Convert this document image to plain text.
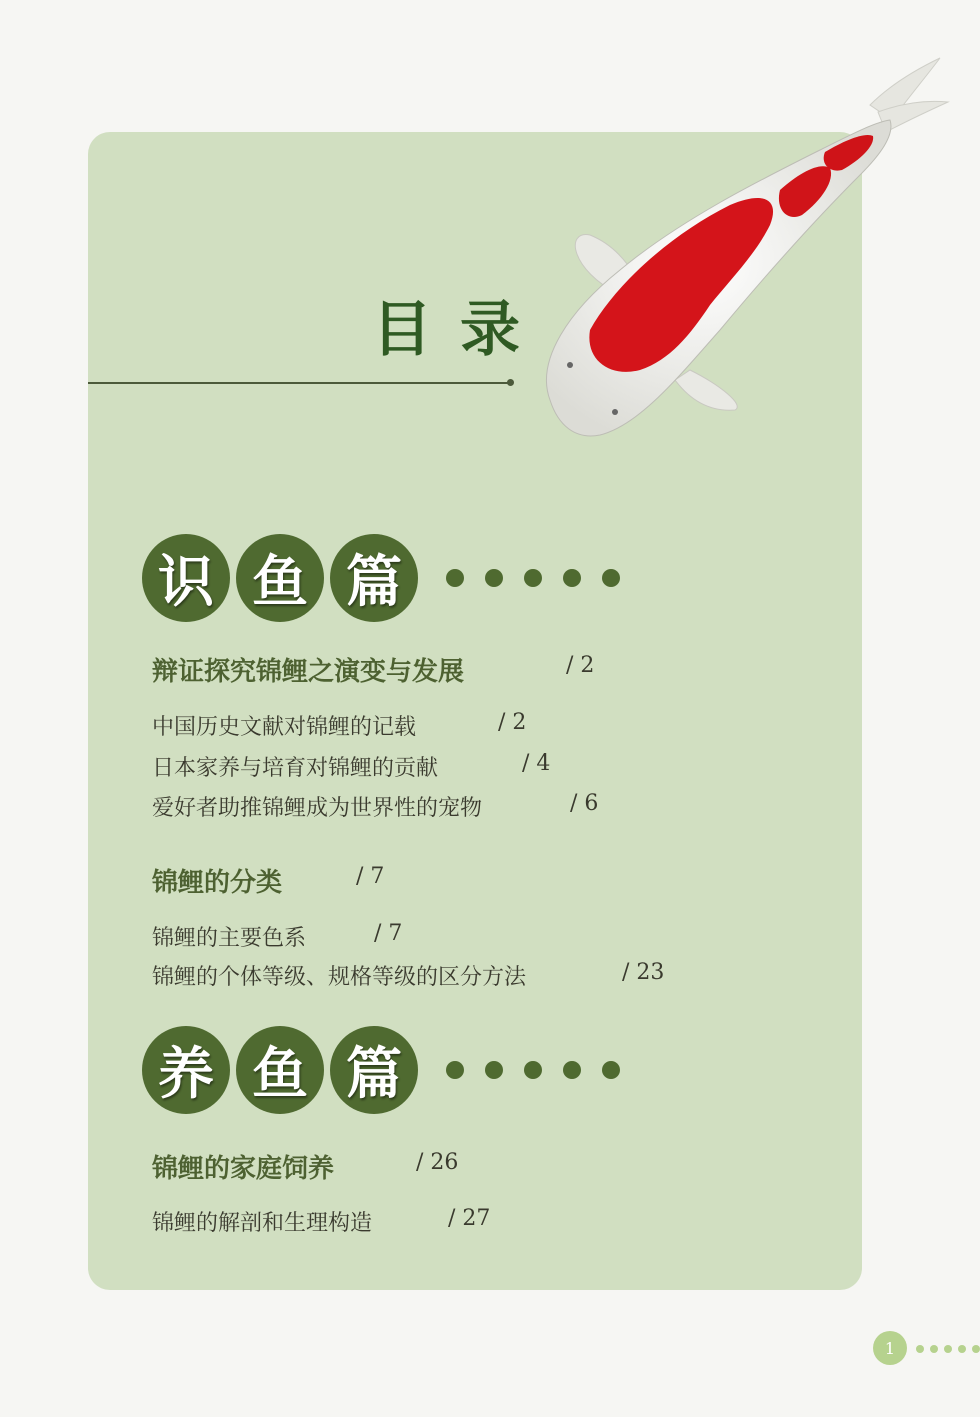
目录
识 鱼 篇
辩证探究锦鲤之演变与发展	/ 2
中国历史文献对锦鲤的记载	/ 2
日本家养与培育对锦鲤的贡献	/ 4
爱好者助推锦鲤成为世界性的宠物	/ 6
锦鲤的分类	/ 7
锦鲤的主要色系	/ 7
锦鲤的个体等级、规格等级的区分方法	/ 23
养 鱼 篇
锦鲤的家庭饲养	/ 26
锦鲤的解剖和生理构造	/ 27
1
